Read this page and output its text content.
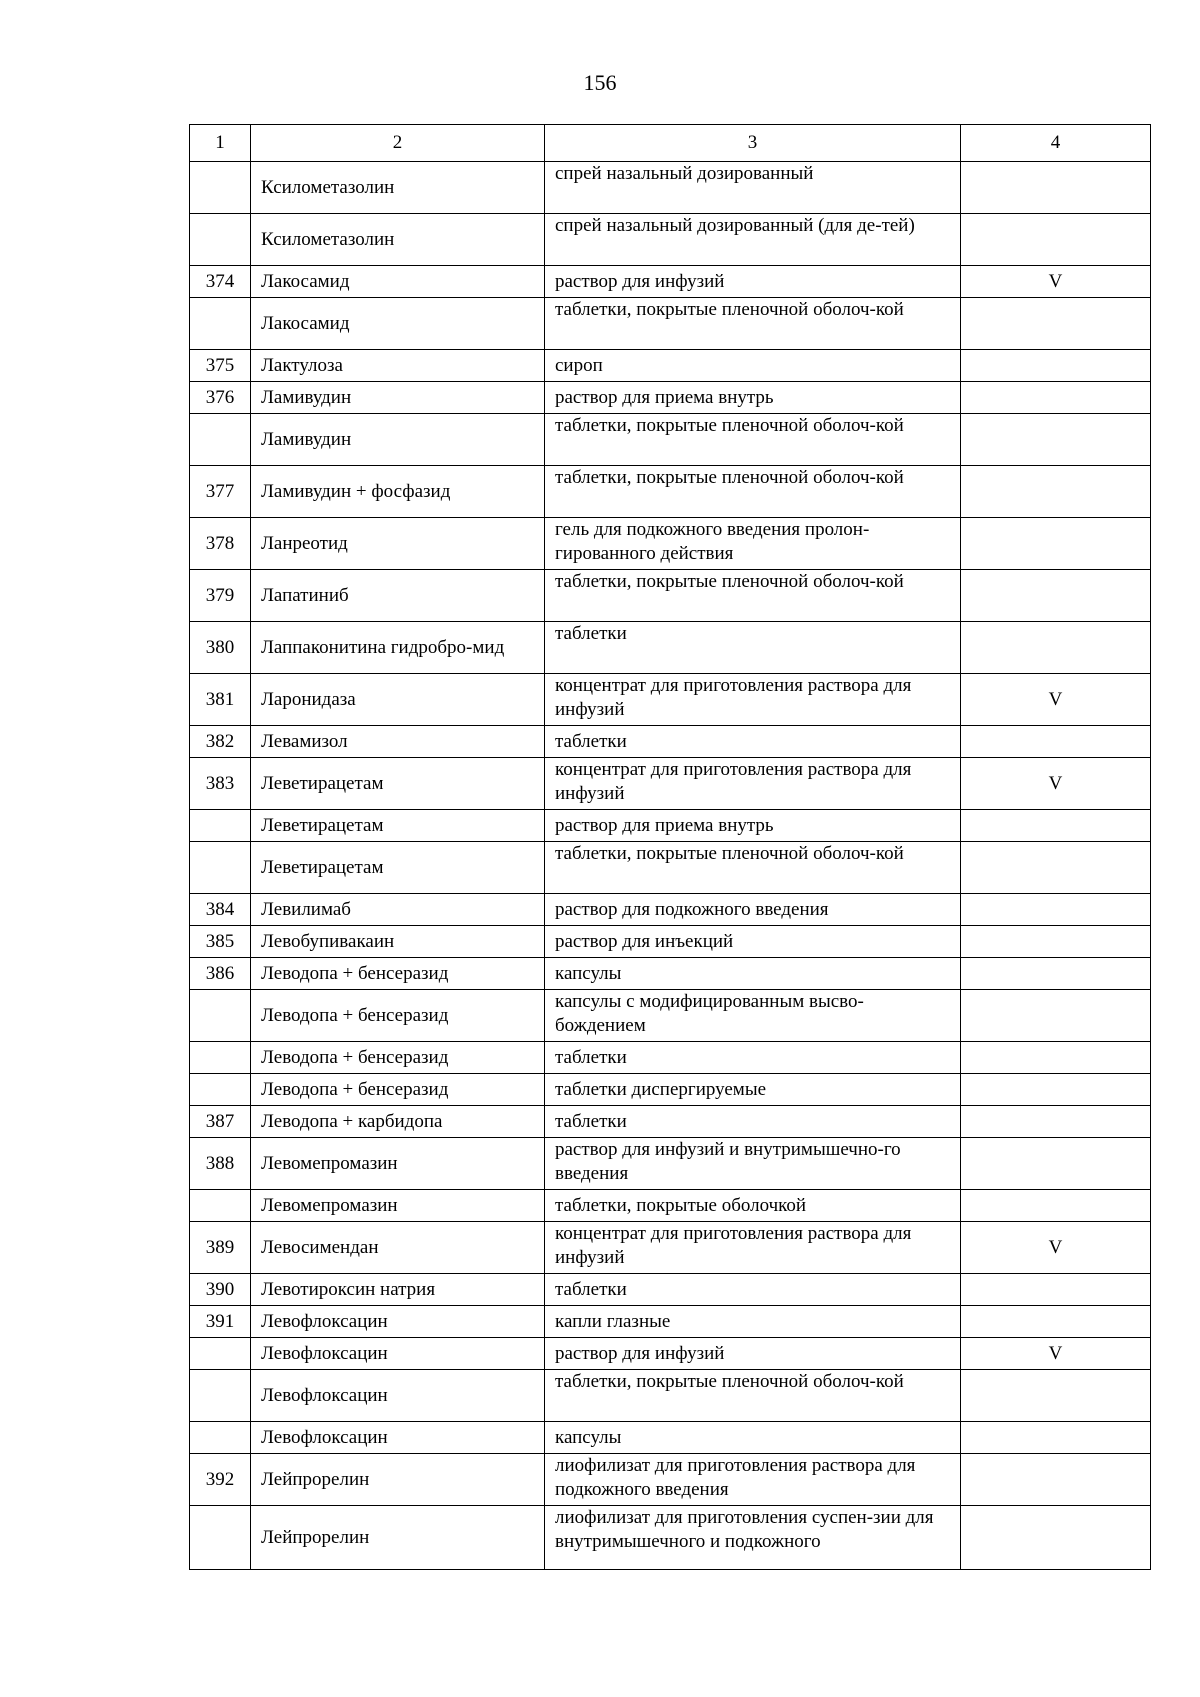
156
1	2	3	4
	Ксилометазолин	спрей назальный дозированный	
	Ксилометазолин	спрей назальный дозированный (для де-тей)	
374	Лакосамид	раствор для инфузий	V
	Лакосамид	таблетки, покрытые пленочной оболоч-кой	
375	Лактулоза	сироп	
376	Ламивудин	раствор для приема внутрь	
	Ламивудин	таблетки, покрытые пленочной оболоч-кой	
377	Ламивудин + фосфазид	таблетки, покрытые пленочной оболоч-кой	
378	Ланреотид	гель для подкожного введения пролон-гированного действия	
379	Лапатиниб	таблетки, покрытые пленочной оболоч-кой	
380	Лаппаконитина гидробро-мид	таблетки	
381	Ларонидаза	концентрат для приготовления раствора для инфузий	V
382	Левамизол	таблетки	
383	Леветирацетам	концентрат для приготовления раствора для инфузий	V
	Леветирацетам	раствор для приема внутрь	
	Леветирацетам	таблетки, покрытые пленочной оболоч-кой	
384	Левилимаб	раствор для подкожного введения	
385	Левобупивакаин	раствор для инъекций	
386	Леводопа + бенсеразид	капсулы	
	Леводопа + бенсеразид	капсулы с модифицированным высво-бождением	
	Леводопа + бенсеразид	таблетки	
	Леводопа + бенсеразид	таблетки диспергируемые	
387	Леводопа + карбидопа	таблетки	
388	Левомепромазин	раствор для инфузий и внутримышечно-го введения	
	Левомепромазин	таблетки, покрытые оболочкой	
389	Левосимендан	концентрат для приготовления раствора для инфузий	V
390	Левотироксин натрия	таблетки	
391	Левофлоксацин	капли глазные	
	Левофлоксацин	раствор для инфузий	V
	Левофлоксацин	таблетки, покрытые пленочной оболоч-кой	
	Левофлоксацин	капсулы	
392	Лейпрорелин	лиофилизат для приготовления раствора для подкожного введения	
	Лейпрорелин	лиофилизат для приготовления суспен-зии для внутримышечного и подкожного	
